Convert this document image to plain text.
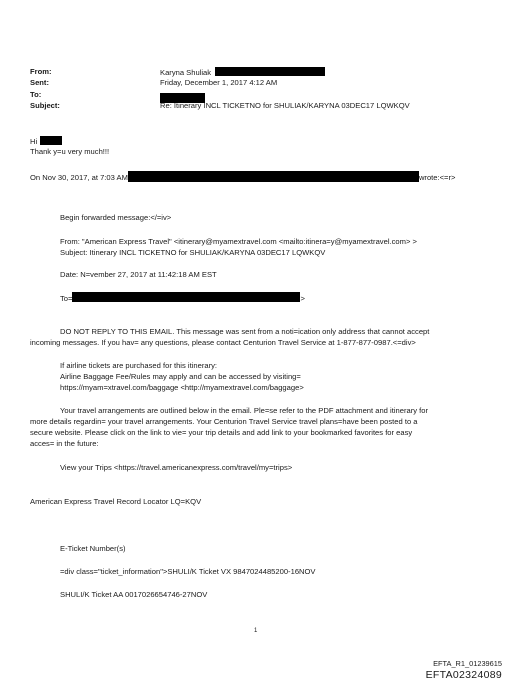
From:	Karyna Shuliak
Sent:	Friday, December 1, 2017 4:12 AM
To:
Subject:	Re: Itinerary INCL TICKETNO for SHULIAK/KARYNA 03DEC17 LQWKQV
Hi
Thank y=u very much!!!
On Nov 30, 2017, at 7:03 AM	wrote:<=r>
Begin forwarded message:</=iv>
From: "American Express Travel" <itinerary@myamextravel.com <mailto:itinera=y@myamextravel.com> >
Subject: Itinerary INCL TICKETNO for SHULIAK/KARYNA 03DEC17 LQWKQV
Date: N=vember 27, 2017 at 11:42:18 AM EST
To=	>
DO NOT REPLY TO THIS EMAIL. This message was sent from a noti=ication only address that cannot accept
incoming messages. If you hav= any questions, please contact Centurion Travel Service at 1-877-877-0987.<=div>
If airline tickets are purchased for this itinerary:
Airline Baggage Fee/Rules may apply and can be accessed by visiting=
https://myam=xtravel.com/baggage <http://myamextravel.com/baggage>
Your travel arrangements are outlined below in the email. Ple=se refer to the PDF attachment and itinerary for
more details regardin= your travel arrangements. Your Centurion Travel Service travel plans=have been posted to a
secure website. Please click on the link to vie= your trip details and add link to your bookmarked favorites for easy
acces= in the future:
View your Trips <https://travel.americanexpress.com/travel/my=trips>
American Express Travel Record Locator LQ=KQV
E-Ticket Number(s)
=div class="ticket_information">SHULI/K Ticket VX 9847024485200-16NOV
SHULI/K Ticket AA 0017026654746-27NOV
1
EFTA_R1_01239615
EFTA02324089
